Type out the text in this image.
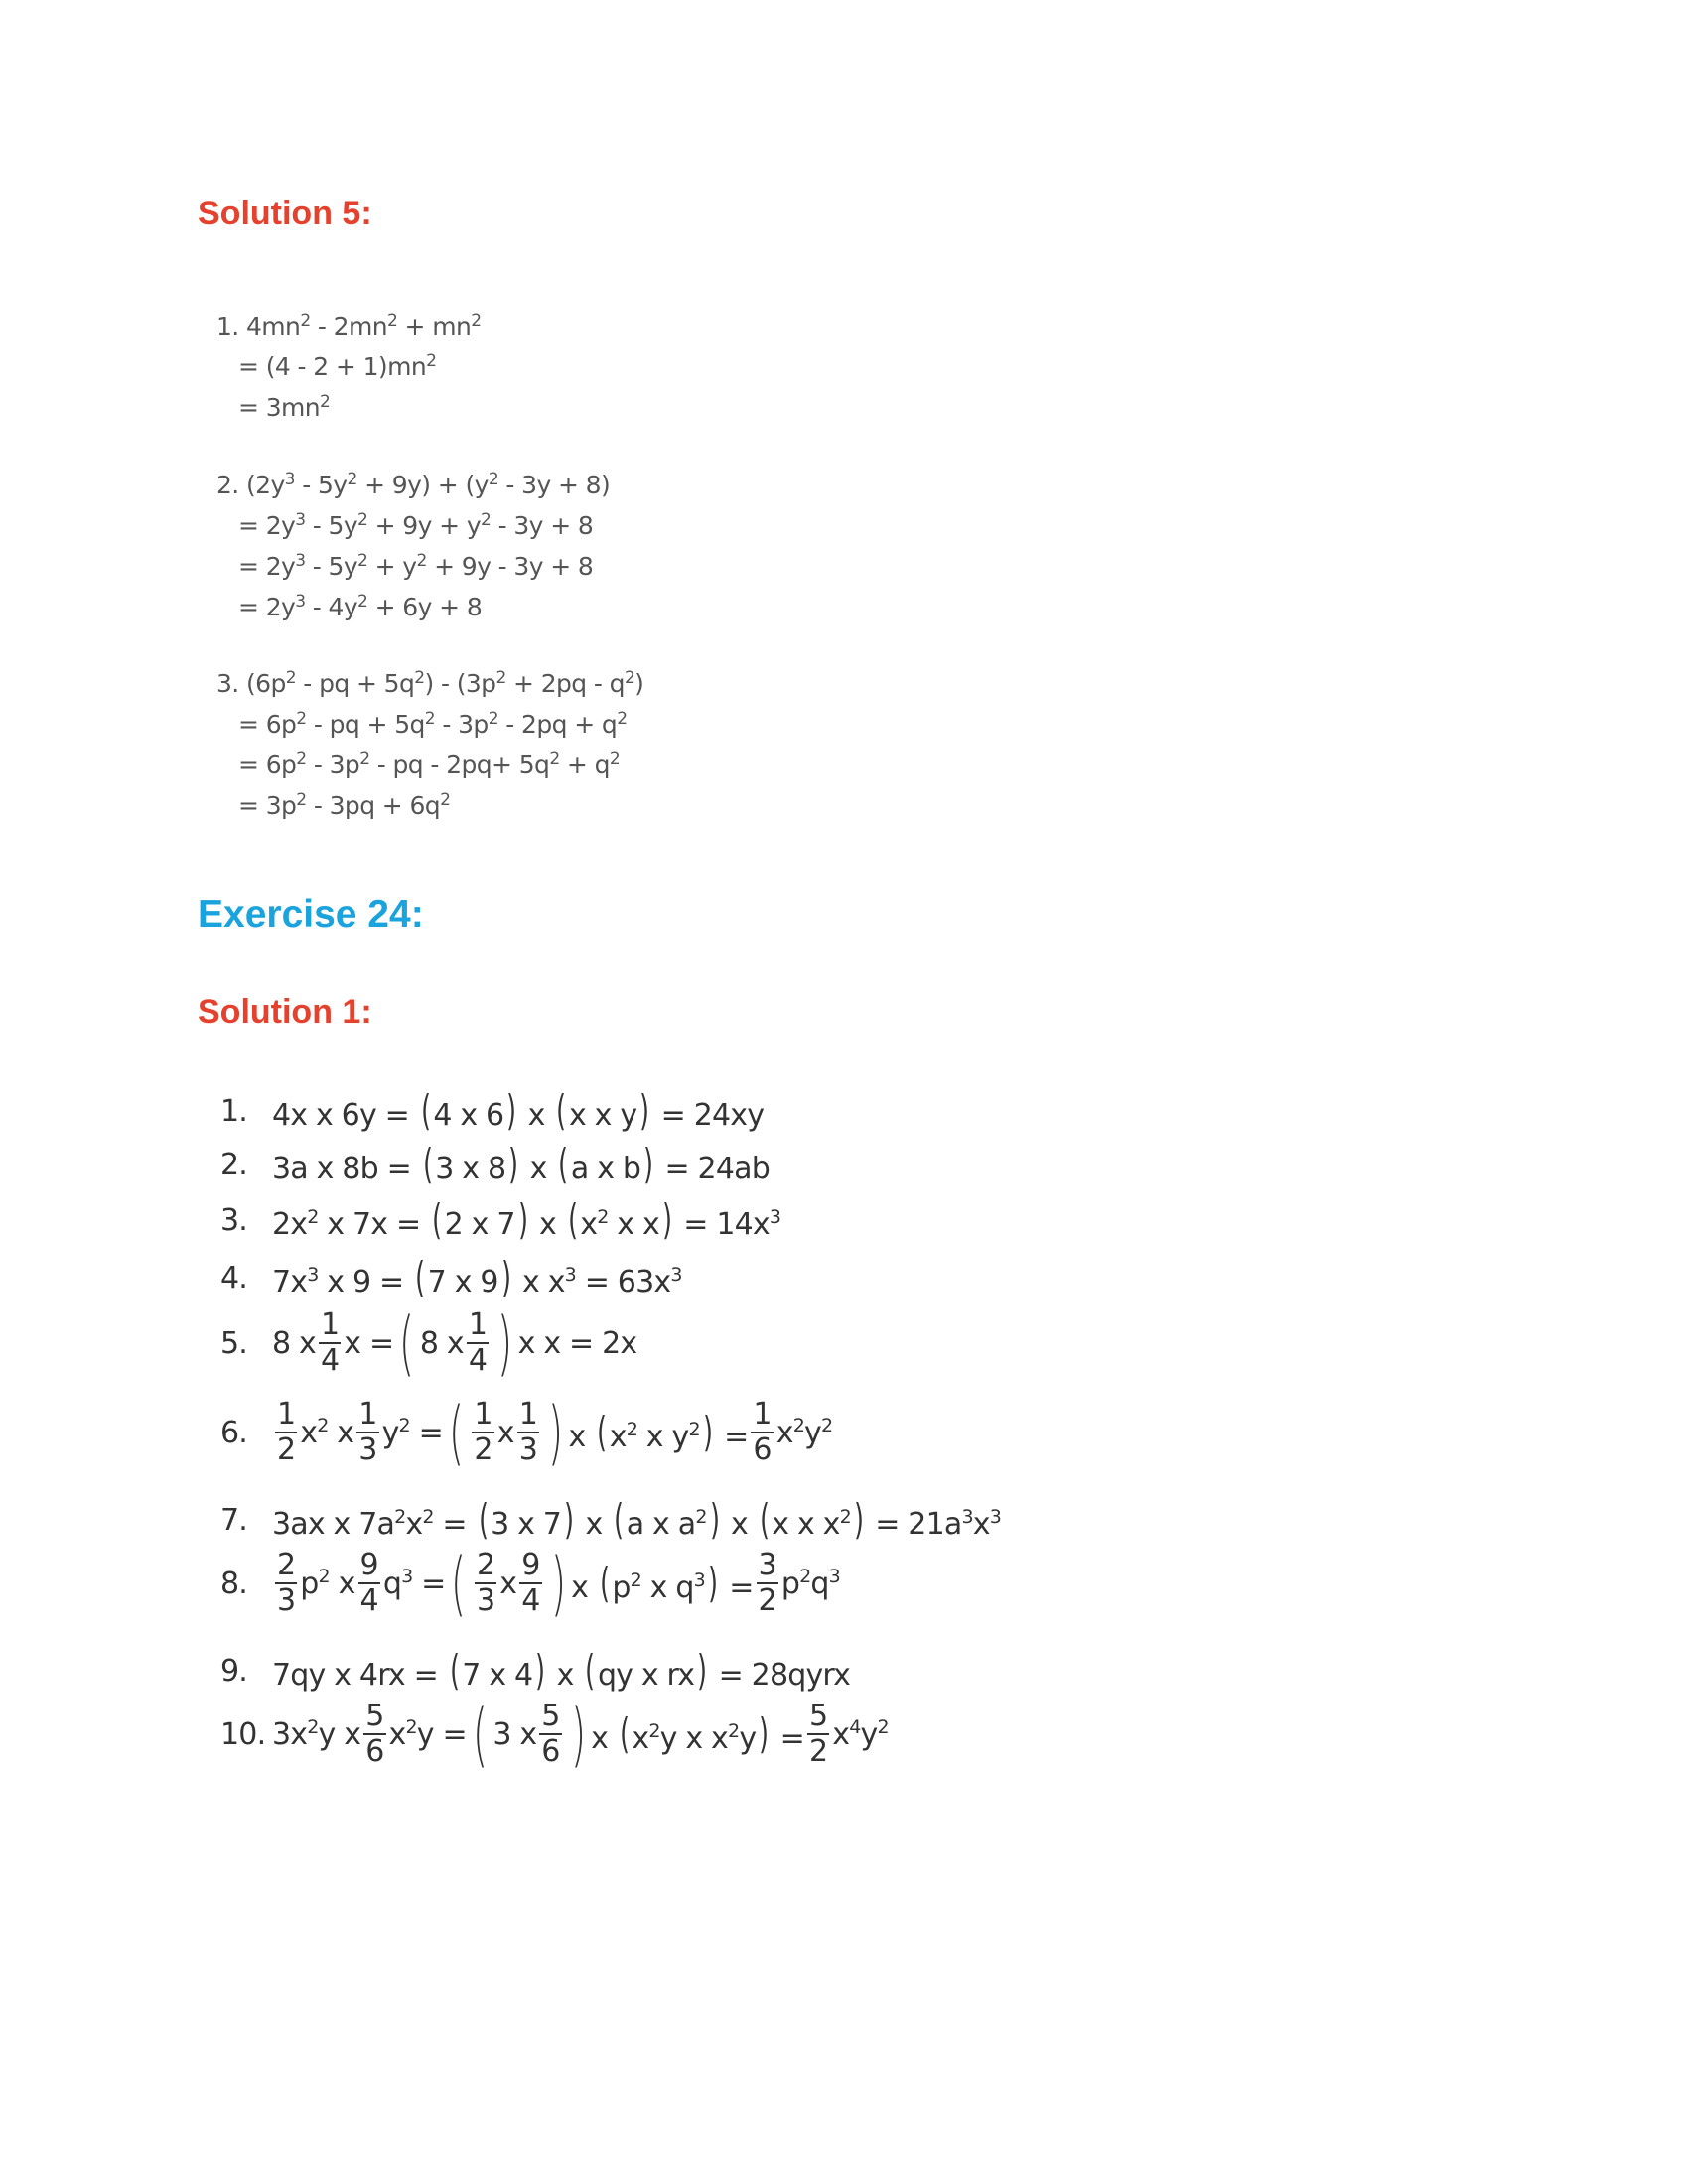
Solution 5:
1. $4mn^2 - 2mn^2 + mn^2$
= $(4 - 2 + 1)mn^2$
= $3mn^2$
2. $(2y^3 - 5y^2 + 9y) + (y^2 - 3y + 8)$
= $2y^3 - 5y^2 + 9y + y^2 - 3y + 8$
= $2y^3 - 5y^2 + y^2 + 9y - 3y + 8$
= $2y^3 - 4y^2 + 6y + 8$
3. ($6p^2$ - pq + $5q^2) - (3p^2 + 2pq - q^2)$
= $6p^2$ - pq + $5q^2 - 3p^2 - 2pq + q^2$
= $6p^2 - 3p^2$ - pq - $2pq+ 5q^2 + q^2$
= $3p^2 - 3pq + 6q^2$
Exercise 24:
Solution 1:
1. 4x x 6y = ( 4 x 6) x ( x x y) = 24xy
2. 3a x 8b = ( 3 x 8) x ( a x b) = 24ab
3. $2x^2$ x 7x = ( 2 x 7) x ( $x^2$ x $x) = 14x^3$
4. $7x^3$ x 9 = ( 7 x 9) x $x^3 = 63x^3$
5. 8 x $\frac{1}{4}$ x = ( 8 x $\frac{1}{4}$ ) x x = 2x
6. $\frac{1}{2} x^2$ x $\frac{1}{3} y^2$ = ( $\frac{1}{2}$ x $\frac{1}{3}$ ) x ( $x^2$ x $y^2) = \frac{1}{6} x^2y^2$
7. 3ax x $7a^2x^2$ = ( 3 x 7) x ( a x $a^2$) x ( x x $x^2) = 21a^3x^3$
8. $\frac{2}{3} p^2$ x $\frac{9}{4} q^3$ = ( $\frac{2}{3}$ x $\frac{9}{4}$ ) x ( $p^2$ x $q^3) = \frac{3}{2} p^2q^3$
9. 7qy x 4rx = ( 7 x 4) x ( qy x rx) = 28qyrx
10. $3x^2y$ x $\frac{5}{6} x^2y$ = ( 3 x $\frac{5}{6}$ ) x ( $x^2y$ x $x^2y) = \frac{5}{2} x^4y^2$
